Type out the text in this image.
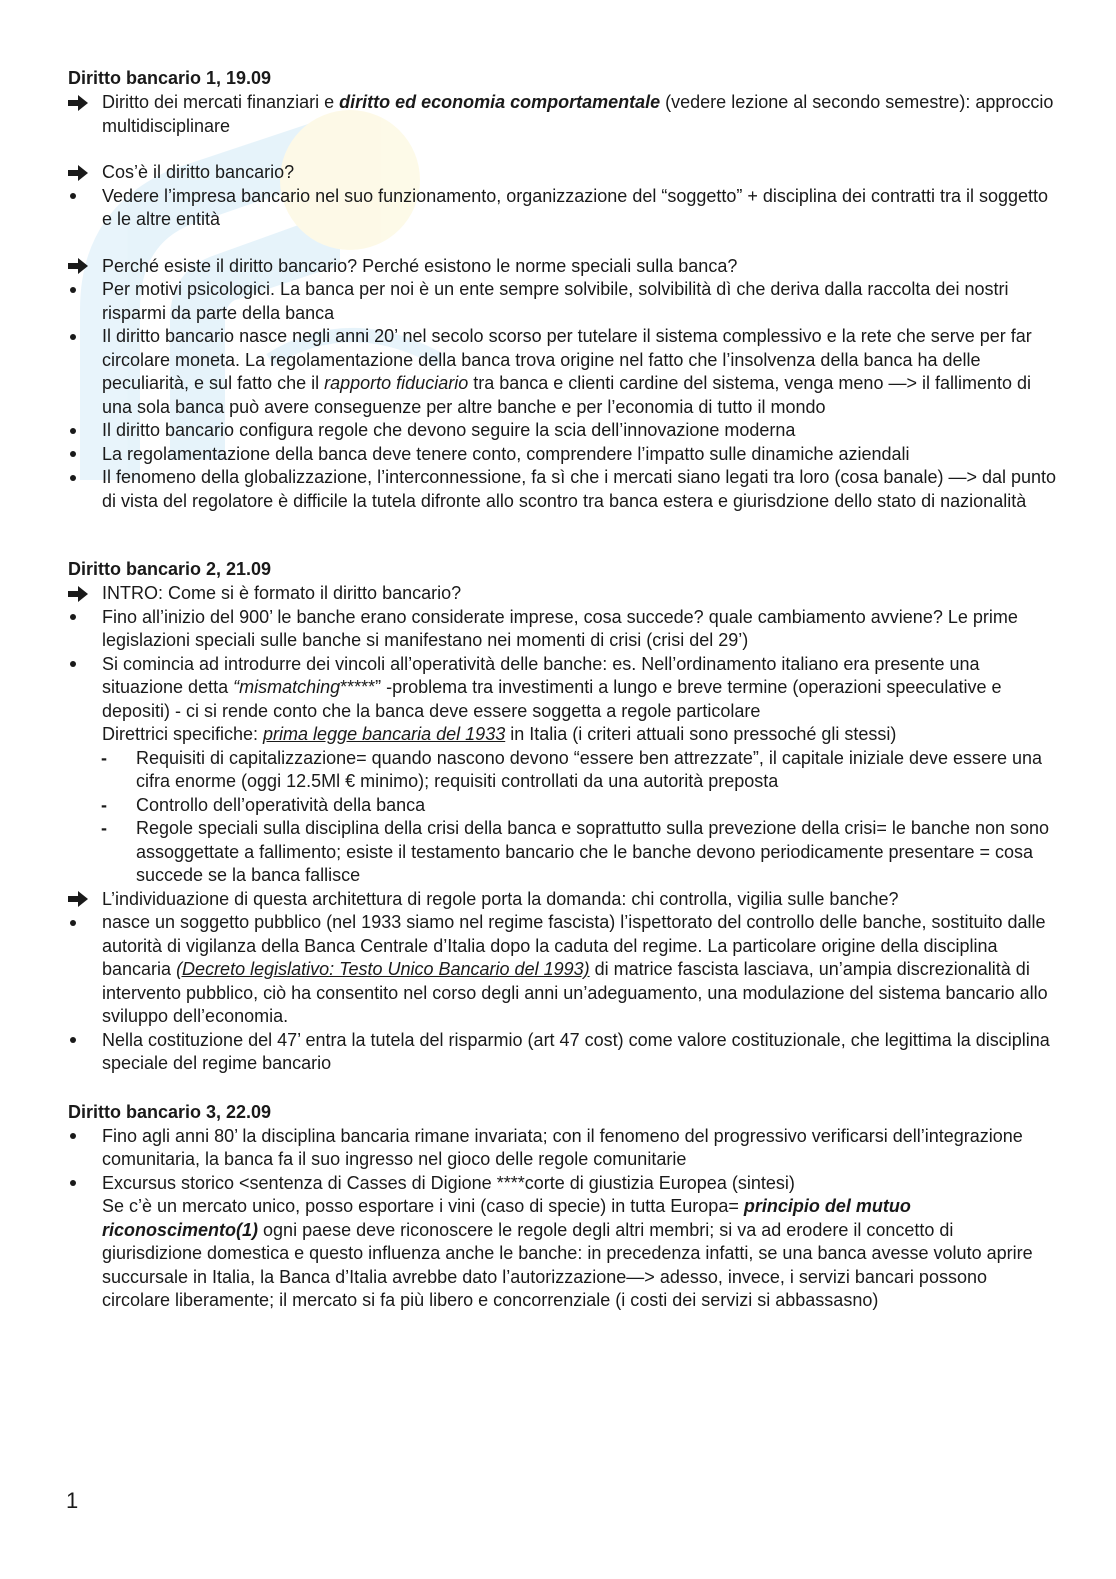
Diritto bancario 1, 19.09
Diritto dei mercati finanziari e diritto ed economia comportamentale (vedere lezione al secondo semestre): approccio multidisciplinare
Cos’è il diritto bancario?
Vedere l’impresa bancario nel suo funzionamento, organizzazione del “soggetto” + disciplina dei contratti tra il soggetto e le altre entità
Perché esiste il diritto bancario? Perché esistono le norme speciali sulla banca?
Per motivi psicologici. La banca per noi è un ente sempre solvibile, solvibilità dì che deriva dalla raccolta dei nostri risparmi da parte della banca
Il diritto bancario nasce negli anni 20’ nel secolo scorso per tutelare il sistema complessivo e la rete che serve per far circolare moneta. La regolamentazione della banca trova origine nel fatto che l’insolvenza della banca ha delle peculiarità, e sul fatto che il rapporto fiduciario tra banca e clienti cardine del sistema, venga meno —> il fallimento di una sola banca può avere conseguenze per altre banche e per l’economia di tutto il mondo
Il diritto bancario configura regole che devono seguire la scia dell’innovazione moderna
La regolamentazione della banca deve tenere conto, comprendere l’impatto sulle dinamiche aziendali
Il fenomeno della globalizzazione, l’interconnessione, fa sì che i mercati siano legati tra loro (cosa banale) —> dal punto di vista del regolatore è difficile la tutela difronte allo scontro tra banca estera e giurisdzione dello stato di nazionalità
Diritto bancario 2, 21.09
INTRO: Come si è formato il diritto bancario?
Fino all’inizio del 900’ le banche erano considerate imprese, cosa succede? quale cambiamento avviene? Le prime legislazioni speciali sulle banche si manifestano nei momenti di crisi (crisi del 29’)
Si comincia ad introdurre dei vincoli all’operatività delle banche: es. Nell’ordinamento italiano era presente una situazione detta “mismatching*****” -problema tra investimenti a lungo e breve termine (operazioni speeculative e depositi) - ci si rende conto che la banca deve essere soggetta a regole particolare
Direttrici specifiche: prima legge bancaria del 1933 in Italia (i criteri attuali sono pressoché gli stessi)
- Requisiti di capitalizzazione= quando nascono devono “essere ben attrezzate”, il capitale iniziale deve essere una cifra enorme (oggi 12.5Ml € minimo); requisiti controllati da una autorità preposta
- Controllo dell’operatività della banca
- Regole speciali sulla disciplina della crisi della banca e soprattutto sulla prevezione della crisi= le banche non sono assoggettate a fallimento; esiste il testamento bancario che le banche devono periodicamente presentare = cosa succede se la banca fallisce
L’individuazione di questa architettura di regole porta la domanda: chi controlla, vigilia sulle banche?
nasce un soggetto pubblico (nel 1933 siamo nel regime fascista) l’ispettorato del controllo delle banche, sostituito dalle autorità di vigilanza della Banca Centrale d’Italia dopo la caduta del regime. La particolare origine della disciplina bancaria (Decreto legislativo: Testo Unico Bancario del 1993) di matrice fascista lasciava, un’ampia discrezionalità di intervento pubblico, ciò ha consentito nel corso degli anni un’adeguamento, una modulazione del sistema bancario allo sviluppo dell’economia.
Nella costituzione del 47’ entra la tutela del risparmio (art 47 cost) come valore costituzionale, che legittima la disciplina speciale del regime bancario
Diritto bancario 3, 22.09
Fino agli anni 80’ la disciplina bancaria rimane invariata; con il fenomeno del progressivo verificarsi dell’integrazione comunitaria, la banca fa il suo ingresso nel gioco delle regole comunitarie
Excursus storico <sentenza di Casses di Digione ****corte di giustizia Europea (sintesi)
Se c’è un mercato unico, posso esportare i vini (caso di specie) in tutta Europa= principio del mutuo riconoscimento(1) ogni paese deve riconoscere le regole degli altri membri; si va ad erodere il concetto di giurisdizione domestica e questo influenza anche le banche: in precedenza infatti, se una banca avesse voluto aprire succursale in Italia, la Banca d’Italia avrebbe dato l’autorizzazione—> adesso, invece, i servizi bancari possono circolare liberamente; il mercato si fa più libero e concorrenziale (i costi dei servizi si abbassasno)
1
